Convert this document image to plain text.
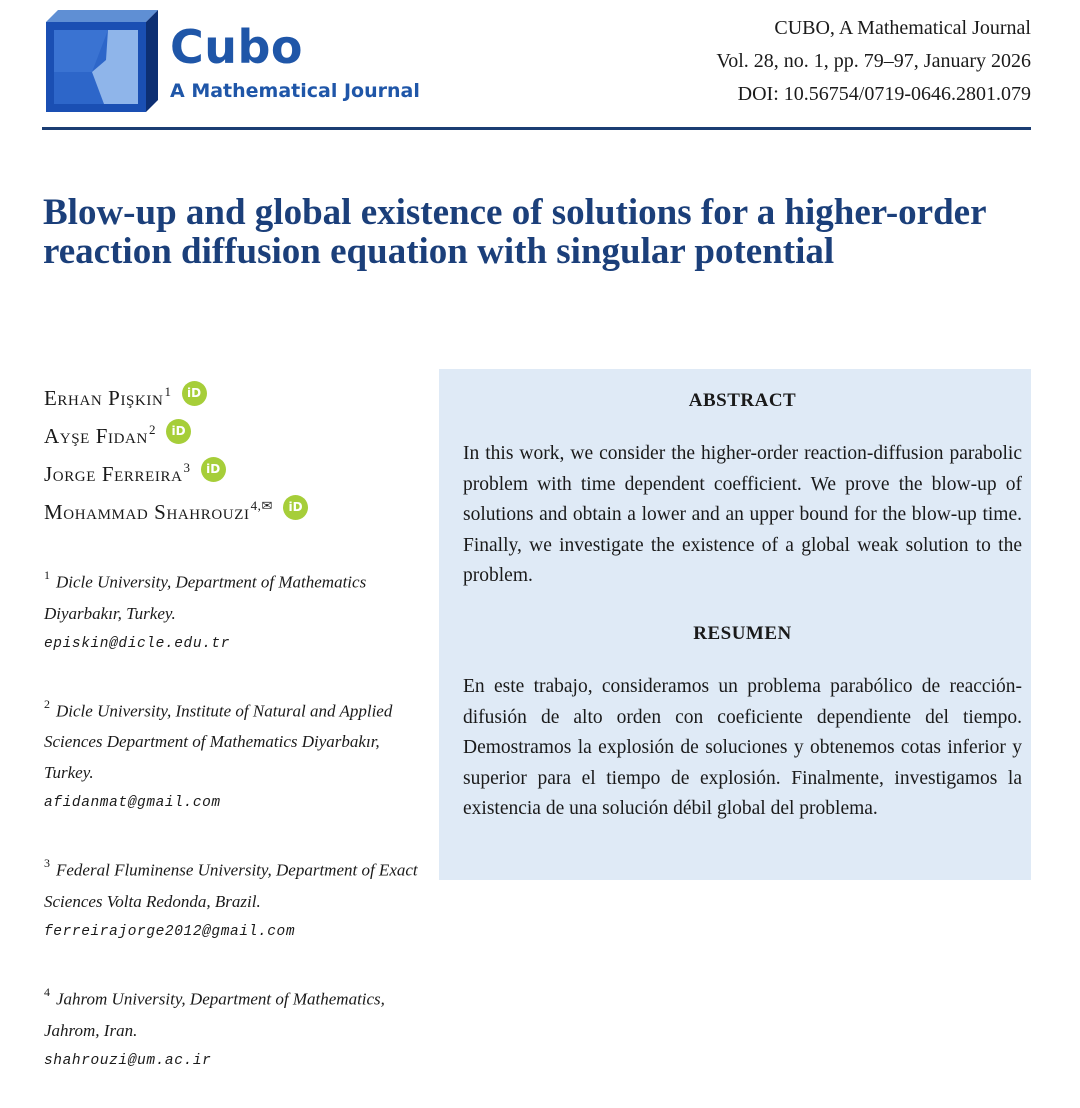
Cubo
A Mathematical Journal
CUBO, A Mathematical Journal
Vol. 28, no. 1, pp. 79–97, January 2026
DOI: 10.56754/0719-0646.2801.079
Blow-up and global existence of solutions for a higher-order reaction diffusion equation with singular potential
Erhan Pişkin$^1$	iD
Ayşe Fidan$^2$	iD
Jorge Ferreira$^3$	iD
Mohammad Shahrouzi$^{4,✉}$	iD

$^1$ Dicle University, Department of Mathematics Diyarbakır, Turkey.
episkin@dicle.edu.tr

$^2$ Dicle University, Institute of Natural and Applied Sciences Department of Mathematics Diyarbakır, Turkey.
afidanmat@gmail.com

$^3$ Federal Fluminense University, Department of Exact Sciences Volta Redonda, Brazil.
ferreirajorge2012@gmail.com

$^4$ Jahrom University, Department of Mathematics, Jahrom, Iran.
shahrouzi@um.ac.ir

ABSTRACT

In this work, we consider the higher-order reaction-diffusion parabolic problem with time dependent coefficient. We prove the blow-up of solutions and obtain a lower and an upper bound for the blow-up time. Finally, we investigate the existence of a global weak solution to the problem.

RESUMEN

En este trabajo, consideramos un problema parabólico de reacción-difusión de alto orden con coeficiente dependiente del tiempo. Demostramos la explosión de soluciones y obtenemos cotas inferior y superior para el tiempo de explosión. Finalmente, investigamos la existencia de una solución débil global del problema.
